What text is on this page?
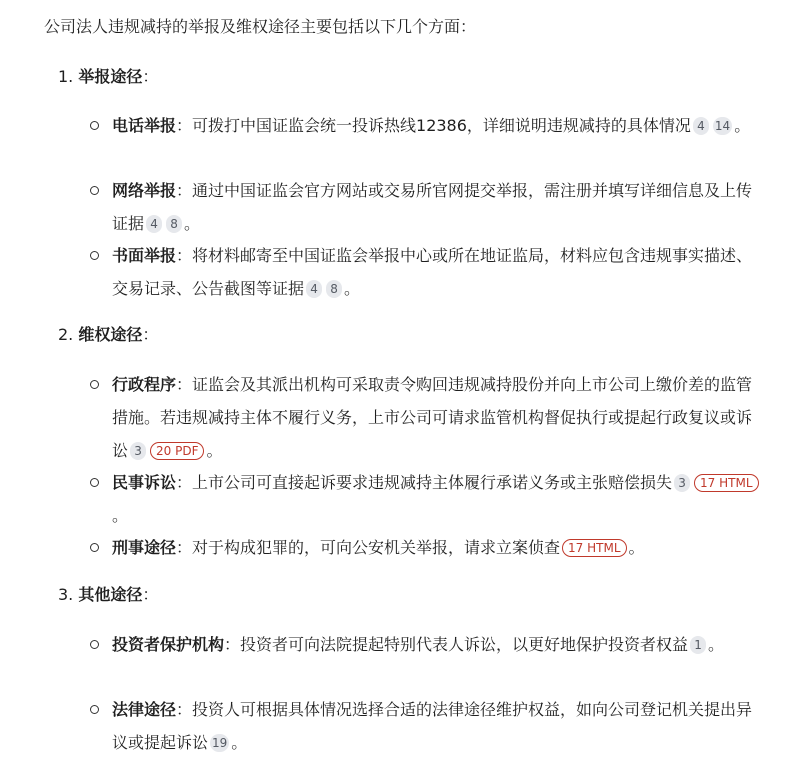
公司法人违规减持的举报及维权途径主要包括以下几个方面：
1. 举报途径：
电话举报：可拨打中国证监会统一投诉热线12386，详细说明违规减持的具体情况 4 14 。
网络举报：通过中国证监会官方网站或交易所官网提交举报，需注册并填写详细信息及上传证据 4 8 。
书面举报：将材料邮寄至中国证监会举报中心或所在地证监局，材料应包含违规事实描述、交易记录、公告截图等证据 4 8 。
2. 维权途径：
行政程序：证监会及其派出机构可采取责令购回违规减持股份并向上市公司上缴价差的监管措施。若违规减持主体不履行义务，上市公司可请求监管机构督促执行或提起行政复议或诉讼 3 20 PDF 。
民事诉讼：上市公司可直接起诉要求违规减持主体履行承诺义务或主张赔偿损失 3 17 HTML。
刑事途径：对于构成犯罪的，可向公安机关举报，请求立案侦查 17 HTML 。
3. 其他途径：
投资者保护机构：投资者可向法院提起特别代表人诉讼，以更好地保护投资者权益 1 。
法律途径：投资人可根据具体情况选择合适的法律途径维护权益，如向公司登记机关提出异议或提起诉讼 19 。
